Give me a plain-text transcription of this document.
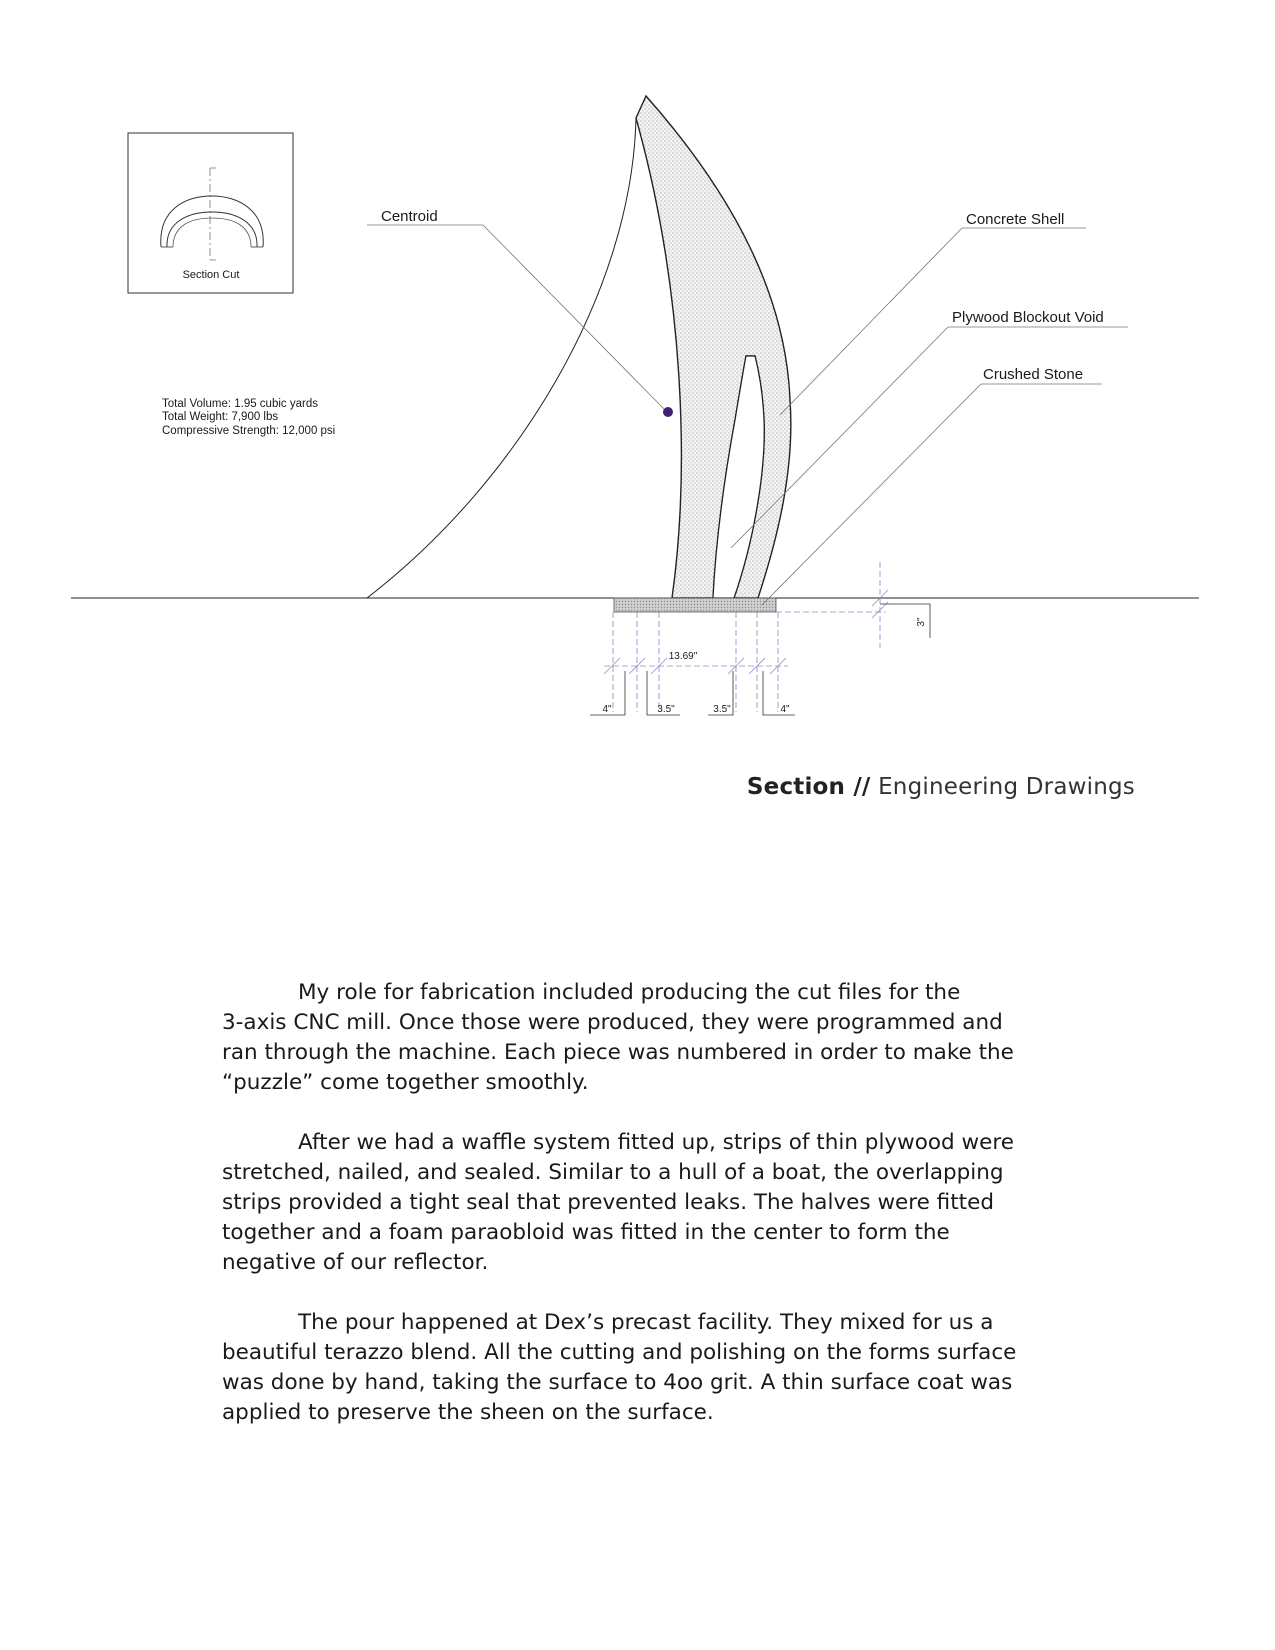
Section Cut
Centroid	Concrete Shell
Plywood Blockout Void
Crushed Stone
Total Volume: 1.95 cubic yards
Total Weight: 7,900 lbs
Compressive Strength: 12,000 psi
13.69"
4"	3.5"	3.5"	4"
3"
Section // Engineering Drawings

My role for fabrication included producing the cut files for the
3-axis CNC mill. Once those were produced, they were programmed and
ran through the machine. Each piece was numbered in order to make the
“puzzle” come together smoothly.

After we had a waffle system fitted up, strips of thin plywood were
stretched, nailed, and sealed. Similar to a hull of a boat, the overlapping
strips provided a tight seal that prevented leaks. The halves were fitted
together and a foam paraobloid was fitted in the center to form the
negative of our reflector.

The pour happened at Dex’s precast facility. They mixed for us a
beautiful terazzo blend. All the cutting and polishing on the forms surface
was done by hand, taking the surface to 4oo grit. A thin surface coat was
applied to preserve the sheen on the surface.
